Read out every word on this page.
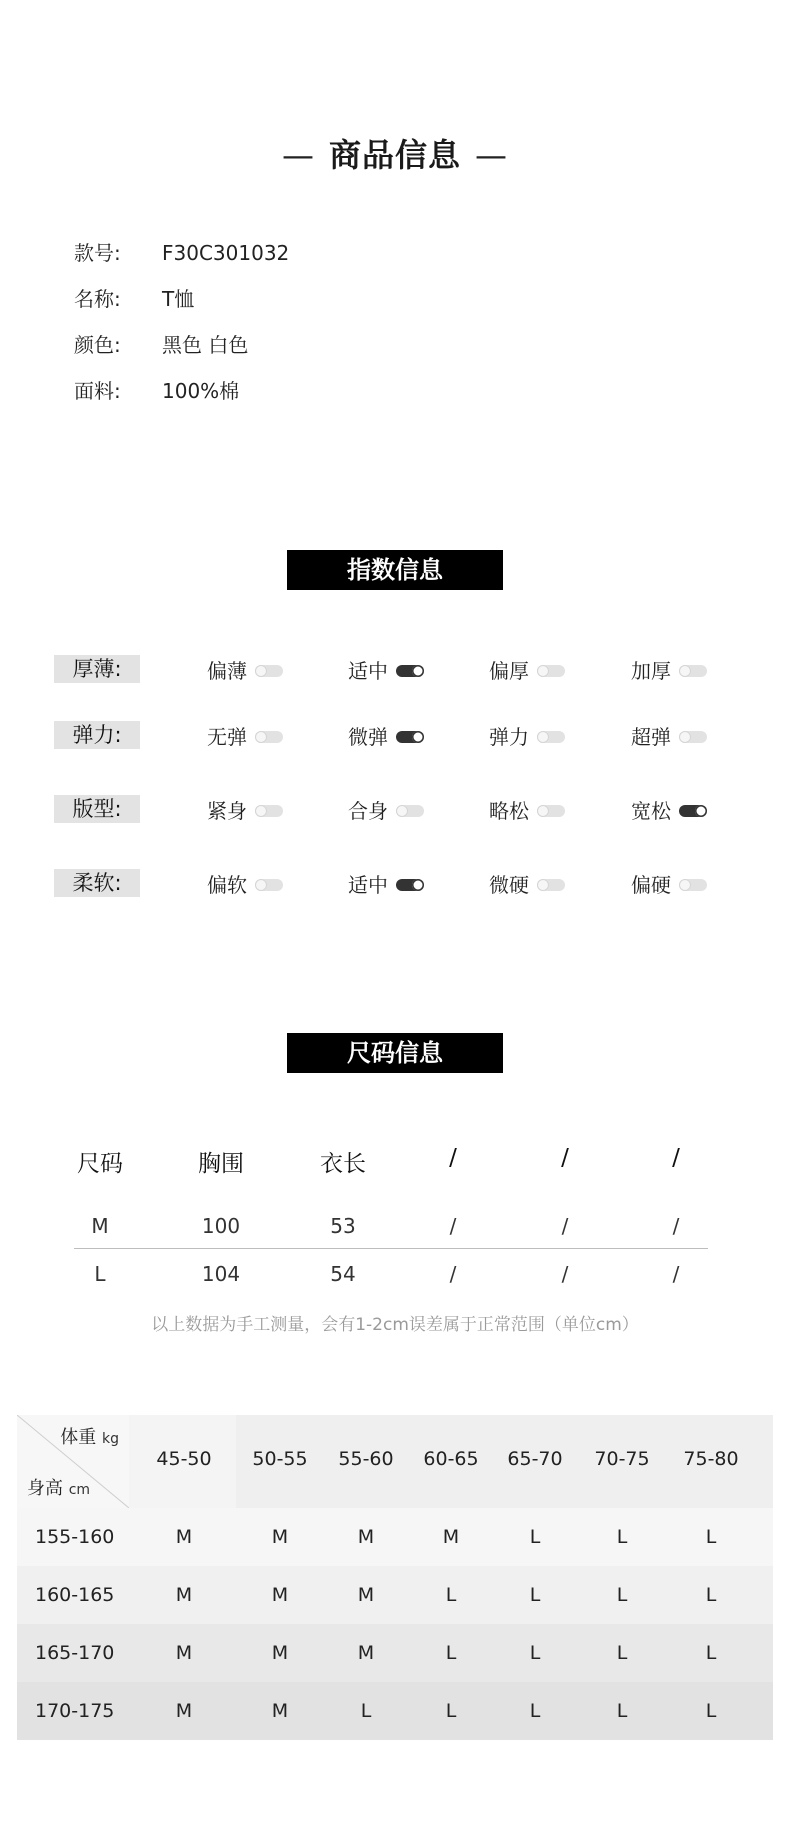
— 商品信息 —
款号: F30C301032
名称: T恤
颜色: 黑色 白色
面料: 100%棉
指数信息
厚薄:	偏薄	适中	偏厚	加厚
弹力:	无弹	微弹	弹力	超弹
版型:	紧身	合身	略松	宽松
柔软:	偏软	适中	微硬	偏硬
尺码信息
尺码	胸围	衣长	/	/	/
M	100	53	/	/	/
L	104	54	/	/	/
以上数据为手工测量，会有1-2cm误差属于正常范围（单位cm）
体重 kg
身高 cm
45-50	50-55	55-60	60-65	65-70	70-75	75-80
155-160	M	M	M	M	L	L	L
160-165	M	M	M	L	L	L	L
165-170	M	M	M	L	L	L	L
170-175	M	M	L	L	L	L	L
